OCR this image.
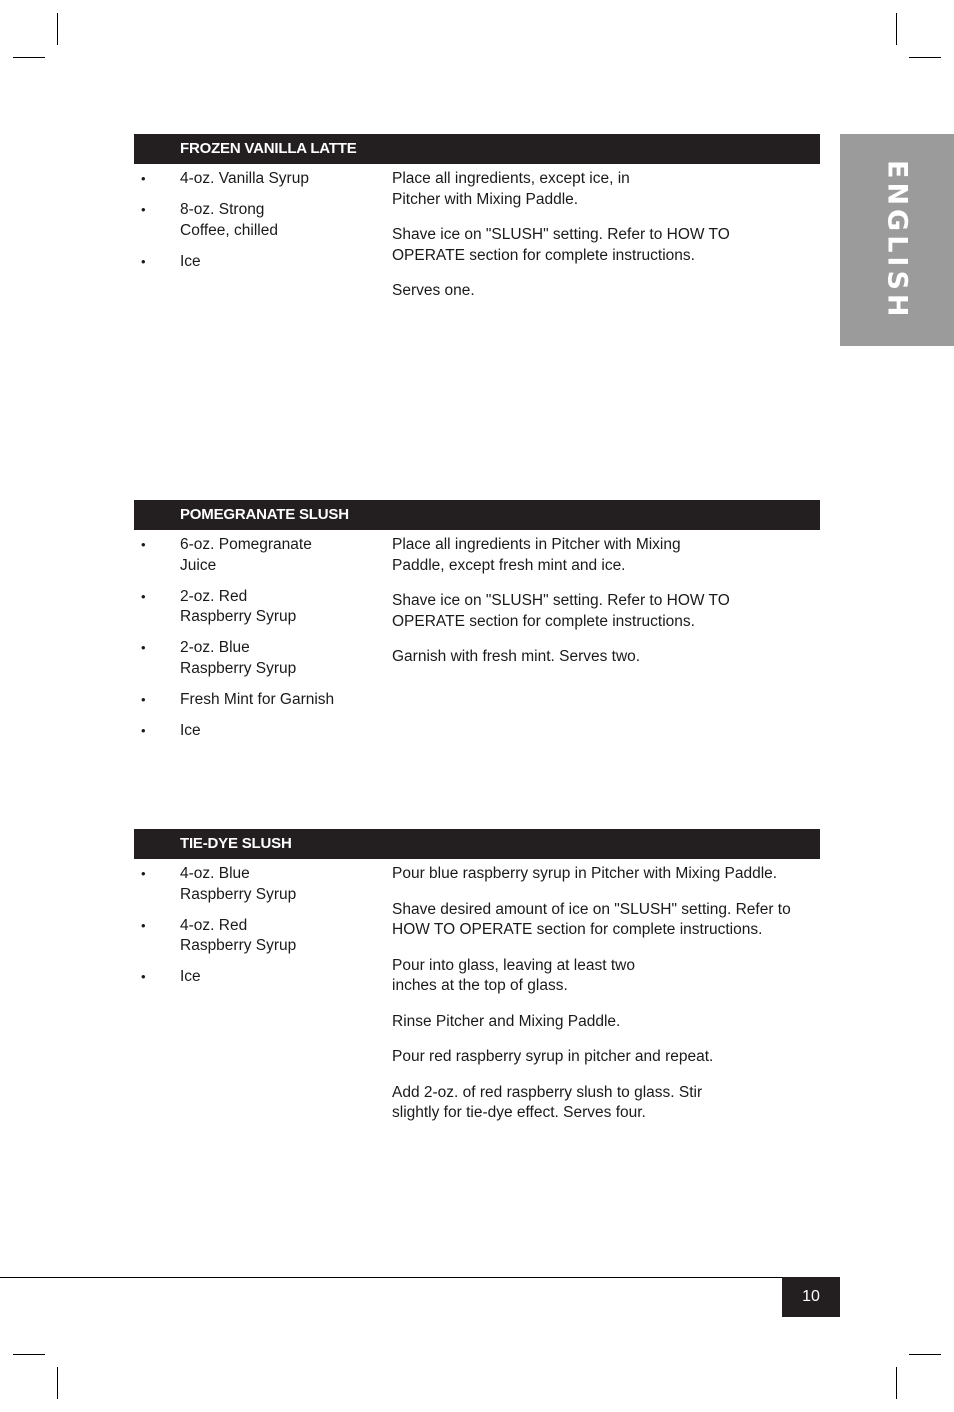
ENGLISH
FROZEN VANILLA LATTE
• 4-oz. Vanilla Syrup
• 8-oz. Strong
Coffee, chilled
• Ice

Place all ingredients, except ice, in
Pitcher with Mixing Paddle.

Shave ice on "SLUSH" setting. Refer to HOW TO
OPERATE section for complete instructions.

Serves one.

POMEGRANATE SLUSH
• 6-oz. Pomegranate
Juice
• 2-oz. Red
Raspberry Syrup
• 2-oz. Blue
Raspberry Syrup
• Fresh Mint for Garnish
• Ice

Place all ingredients in Pitcher with Mixing
Paddle, except fresh mint and ice.

Shave ice on "SLUSH" setting. Refer to HOW TO
OPERATE section for complete instructions.

Garnish with fresh mint. Serves two.

TIE-DYE SLUSH
• 4-oz. Blue
Raspberry Syrup
• 4-oz. Red
Raspberry Syrup
• Ice

Pour blue raspberry syrup in Pitcher with Mixing Paddle.

Shave desired amount of ice on "SLUSH" setting. Refer to
HOW TO OPERATE section for complete instructions.

Pour into glass, leaving at least two
inches at the top of glass.

Rinse Pitcher and Mixing Paddle.

Pour red raspberry syrup in pitcher and repeat.

Add 2-oz. of red raspberry slush to glass. Stir
slightly for tie-dye effect. Serves four.

10
